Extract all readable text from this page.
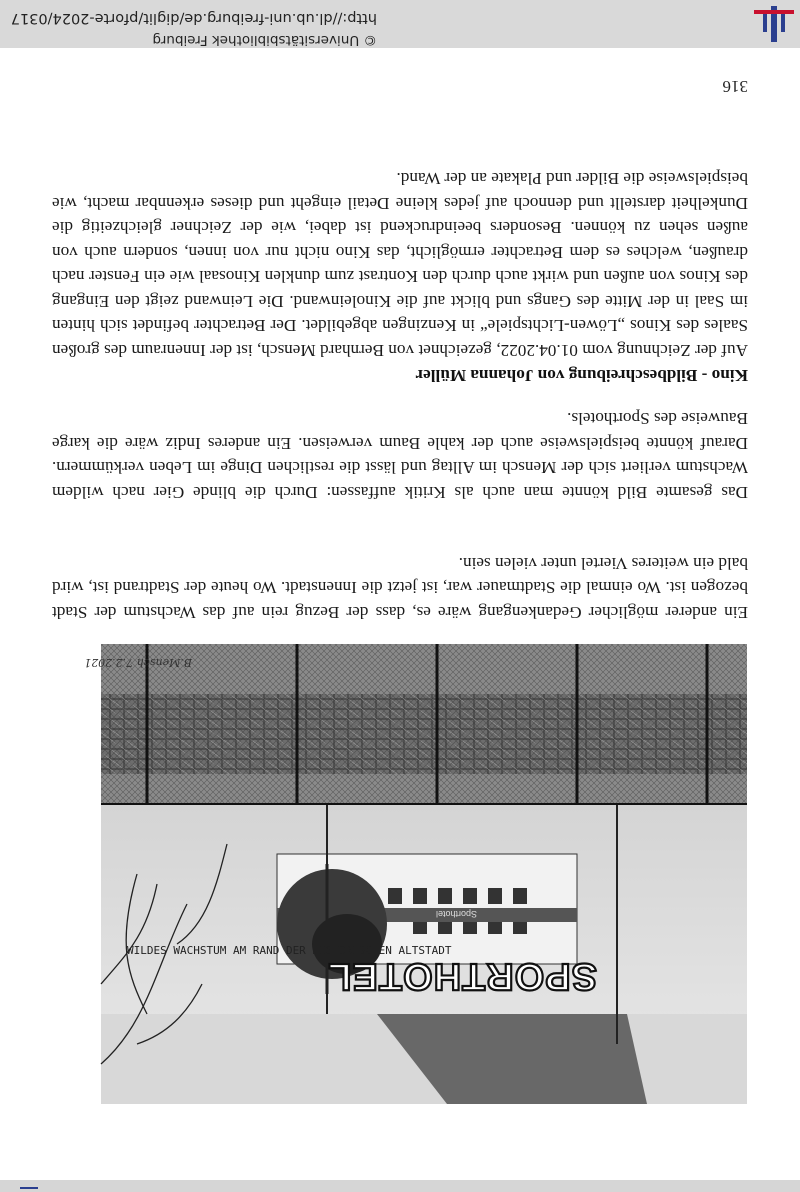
SPORTHOTEL
Sporthotel
WILDES WACHSTUM AM RAND DER HISTORISCHEN ALTSTADT
B.Mensch 7.2.2021
Ein anderer möglicher Gedankengang wäre es, dass der Bezug rein auf das Wachstum der Stadt bezogen ist. Wo einmal die Stadtmauer war, ist jetzt die Innenstadt. Wo heute der Stadtrand ist, wird bald ein weiteres Viertel unter vielen sein.
Das gesamte Bild könnte man auch als Kritik auffassen: Durch die blinde Gier nach wildem Wachstum verliert sich der Mensch im Alltag und lässt die restlichen Dinge im Leben verkümmern. Darauf könnte beispielsweise auch der kahle Baum verweisen. Ein anderes Indiz wäre die karge Bauweise des Sporthotels.
Kino - Bildbeschreibung von Johanna Müller
Auf der Zeichnung vom 01.04.2022, gezeichnet von Bernhard Mensch, ist der Innenraum des großen Saales des Kinos „Löwen-Lichtspiele“ in Kenzingen abgebildet. Der Betrachter befindet sich hinten im Saal in der Mitte des Gangs und blickt auf die Kinoleinwand. Die Leinwand zeigt den Eingang des Kinos von außen und wirkt auch durch den Kontrast zum dunklen Kinosaal wie ein Fenster nach draußen, welches es dem Betrachter ermöglicht, das Kino nicht nur von innen, sondern auch von außen sehen zu können. Besonders beeindruckend ist dabei, wie der Zeichner gleichzeitig die Dunkelheit darstellt und dennoch auf jedes kleine Detail eingeht und dieses erkennbar macht, wie beispielsweise die Bilder und Plakate an der Wand.
316
© Universitätsbibliothek Freiburg
http://dl.ub.uni-freiburg.de/diglit/pforte-2024/0317
